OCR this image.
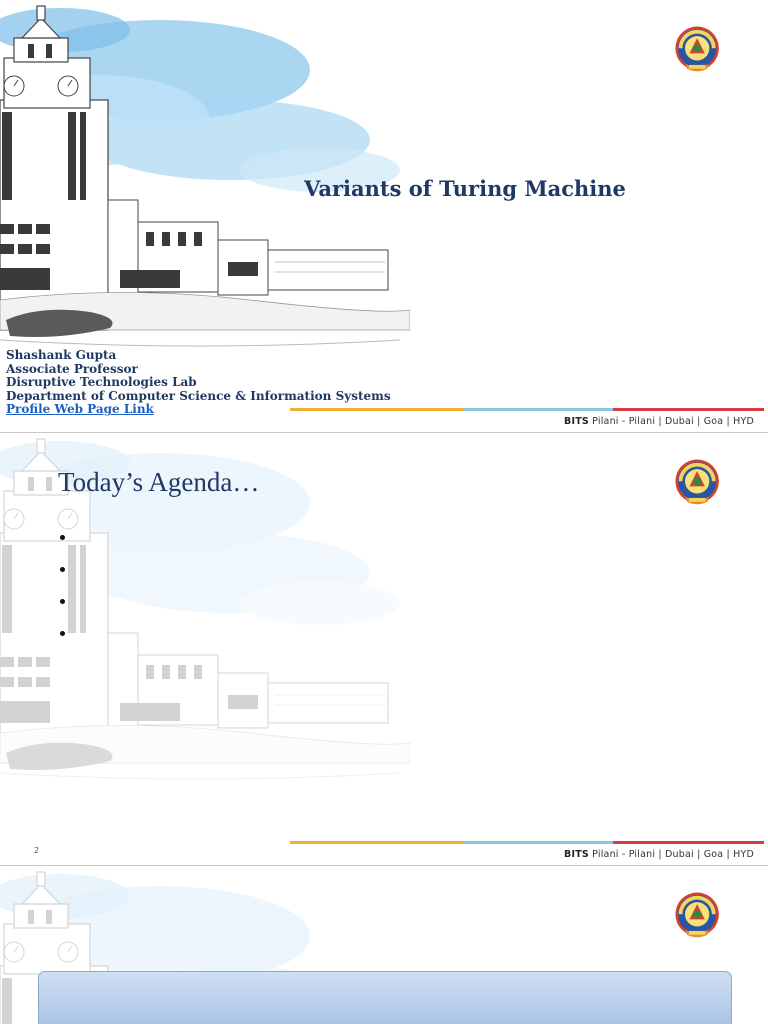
Variants of Turing Machine
Shashank Gupta
Associate Professor
Disruptive Technologies Lab
Department of Computer Science & Information Systems
Profile Web Page Link
BITS Pilani - Pilani | Dubai | Goa | HYD
Today’s Agenda…
2	BITS Pilani - Pilani | Dubai | Goa | HYD
